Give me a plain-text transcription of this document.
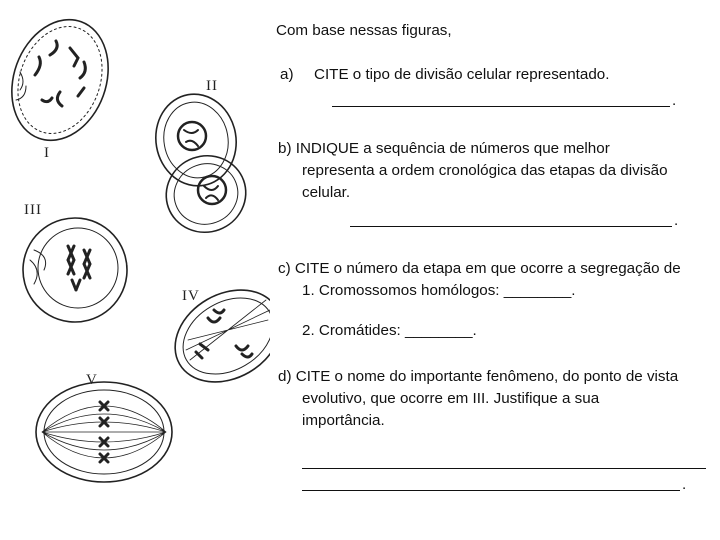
II
I
III
IV
V
Com base nessas figuras,
a) CITE o tipo de divisão celular representado.
.
b) INDIQUE a sequência de números que melhor
representa a ordem cronológica das etapas da divisão
celular.
.
c) CITE o número da etapa em que ocorre a segregação de
1. Cromossomos homólogos: ________.
2. Cromátides: ________.
d) CITE o nome do importante fenômeno, do ponto de vista
evolutivo, que ocorre em III. Justifique a sua
importância.
.
